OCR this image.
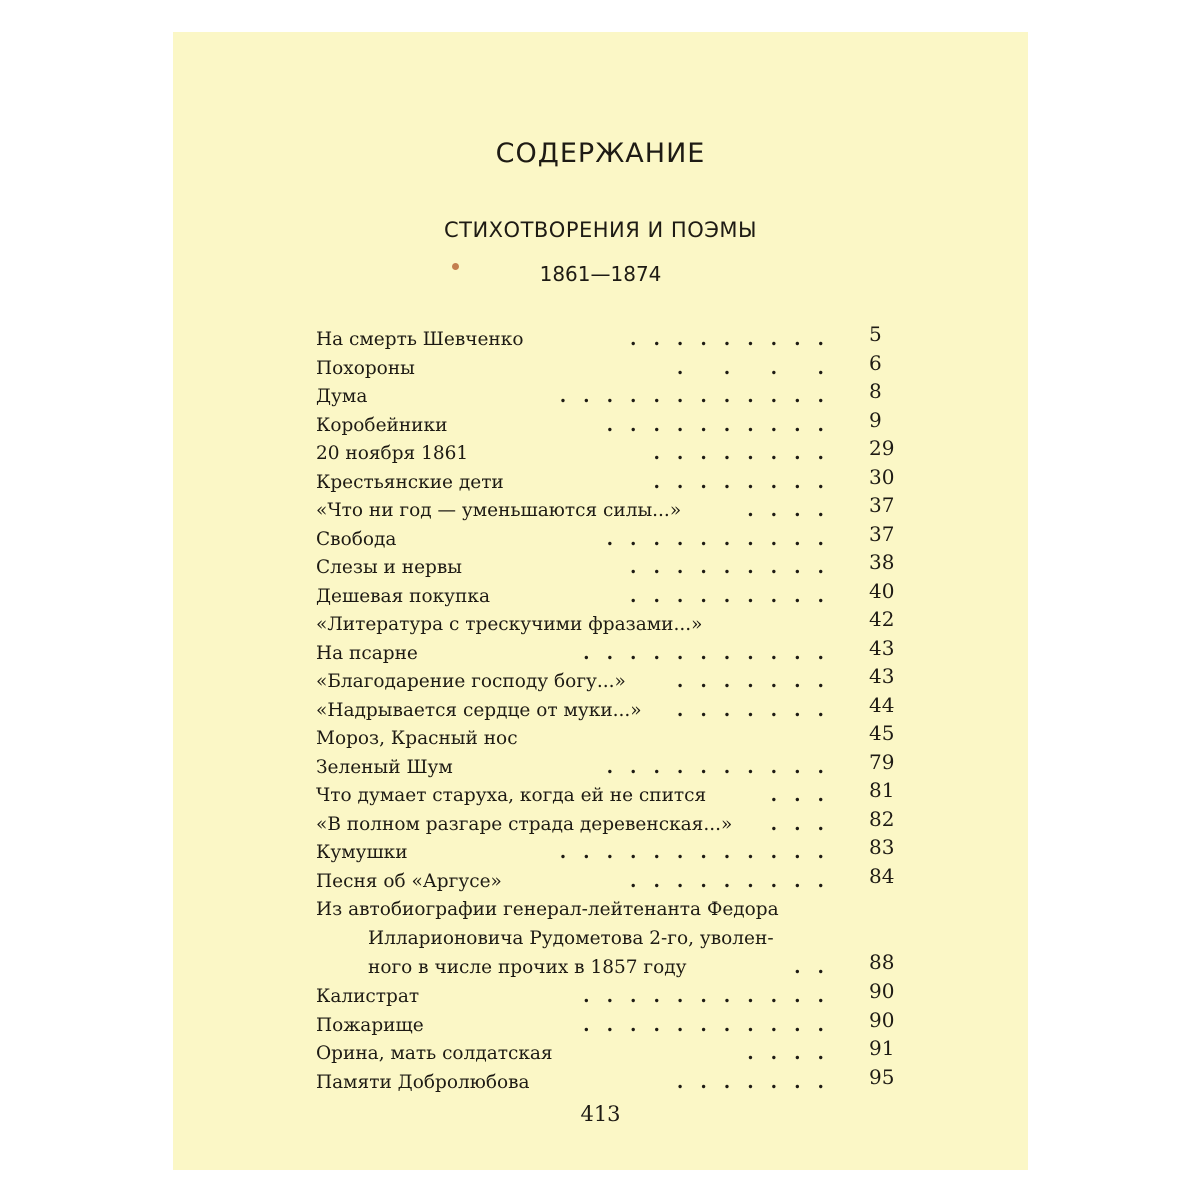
СОДЕРЖАНИЕ
СТИХОТВОРЕНИЯ И ПОЭМЫ
1861—1874
На смерть Шевченко	......... 5
Похороны	. . . . 6
Дума	............ 8
Коробейники	.......... 9
20 ноября 1861	........ 29
Крестьянские дети	........ 30
«Что ни год — уменьшаются силы...»	.... 37
Свобода	.......... 37
Слезы и нервы	......... 38
Дешевая покупка	......... 40
«Литература с трескучими фразами...»	42
На псарне	........... 43
«Благодарение господу богу...»	....... 43
«Надрывается сердце от муки...» ....... 44
Мороз, Красный нос	45
Зеленый Шум	.......... 79
Что думает старуха, когда ей не спится	... 81
«В полном разгаре страда деревенская...» ... 82
Кумушки	............ 83
Песня об «Аргусе»	......... 84
Из автобиографии генерал-лейтенанта Федора
Илларионовича Рудометова 2-го, уволен-
ного в числе прочих в 1857 году	.. 88
Калистрат	........... 90
Пожарище	........... 90
Орина, мать солдатская	.... 91
Памяти Добролюбова	....... 95
413
